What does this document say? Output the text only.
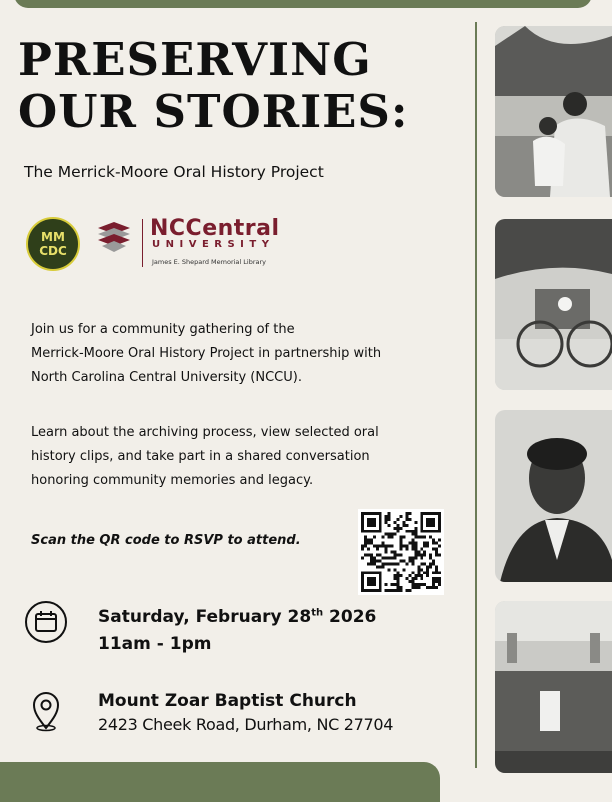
PRESERVING
OUR STORIES:
The Merrick-Moore Oral History Project
MM
CDC
NCCentral
UNIVERSITY
James E. Shepard Memorial Library
Join us for a community gathering of the
Merrick-Moore Oral History Project in partnership with
North Carolina Central University (NCCU).
Learn about the archiving process, view selected oral
history clips, and take part in a shared conversation
honoring community memories and legacy.
Scan the QR code to RSVP to attend.
Saturday, February 28th 2026
11am - 1pm
Mount Zoar Baptist Church
2423 Cheek Road, Durham, NC 27704
